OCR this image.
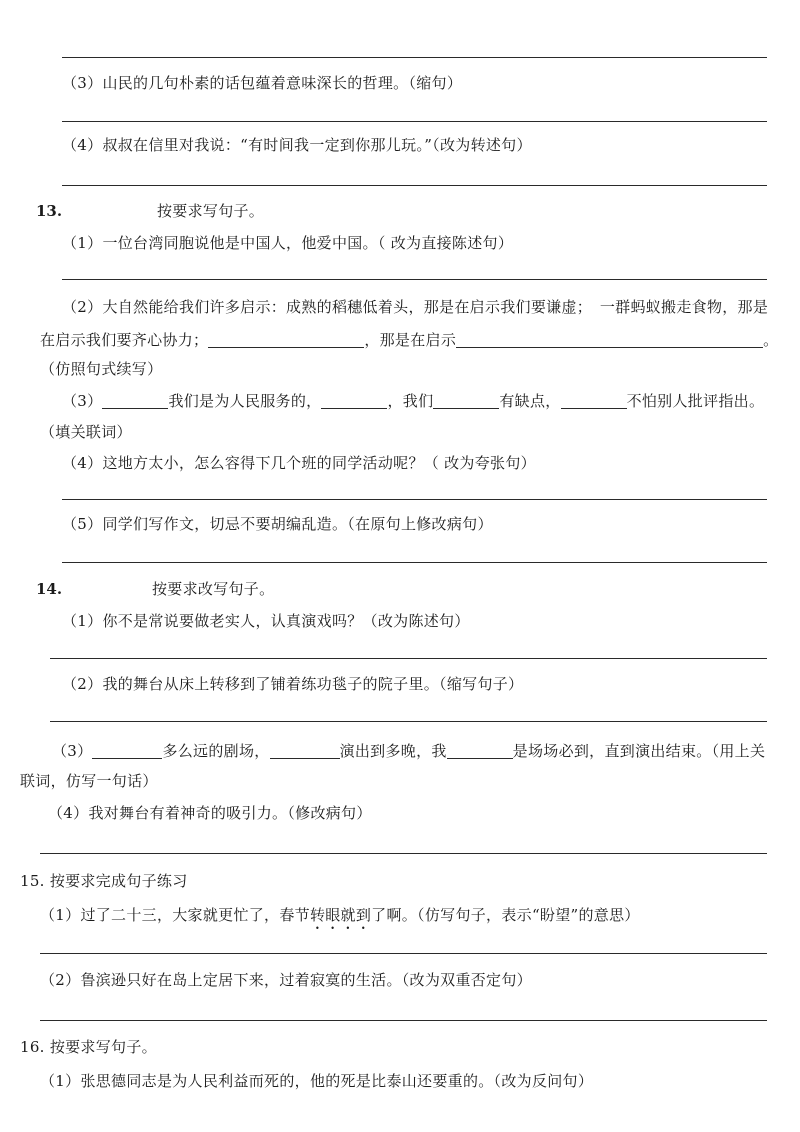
（3）山民的几句朴素的话包蕴着意味深长的哲理。（缩句）
（4）叔叔在信里对我说：“有时间我一定到你那儿玩。”（改为转述句）
13.	按要求写句子。
（1）一位台湾同胞说他是中国人，他爱中国。（ 改为直接陈述句）
（2）大自然能给我们许多启示：成熟的稻穗低着头，那是在启示我们要谦虚；　一群蚂蚁搬走食物，那是
在启示我们要齐心协力；	，那是在启示	。
（仿照句式续写）
（3）	我们是为人民服务的，	，我们	有缺点，	不怕别人批评指出。
（填关联词）
（4）这地方太小，怎么容得下几个班的同学活动呢？（ 改为夸张句）
（5）同学们写作文，切忌不要胡编乱造。（在原句上修改病句）
14.	按要求改写句子。
（1）你不是常说要做老实人，认真演戏吗？（改为陈述句）
（2）我的舞台从床上转移到了铺着练功毯子的院子里。（缩写句子）
（3）	多么远的剧场，	演出到多晚，我	是场场必到，直到演出结束。（用上关
联词，仿写一句话）
（4）我对舞台有着神奇的吸引力。（修改病句）
15. 按要求完成句子练习
（1）过了二十三，大家就更忙了，春节转眼就到了啊。（仿写句子，表示“盼望”的意思）
（2）鲁滨逊只好在岛上定居下来，过着寂寞的生活。（改为双重否定句）
16. 按要求写句子。
（1）张思德同志是为人民利益而死的，他的死是比泰山还要重的。（改为反问句）
